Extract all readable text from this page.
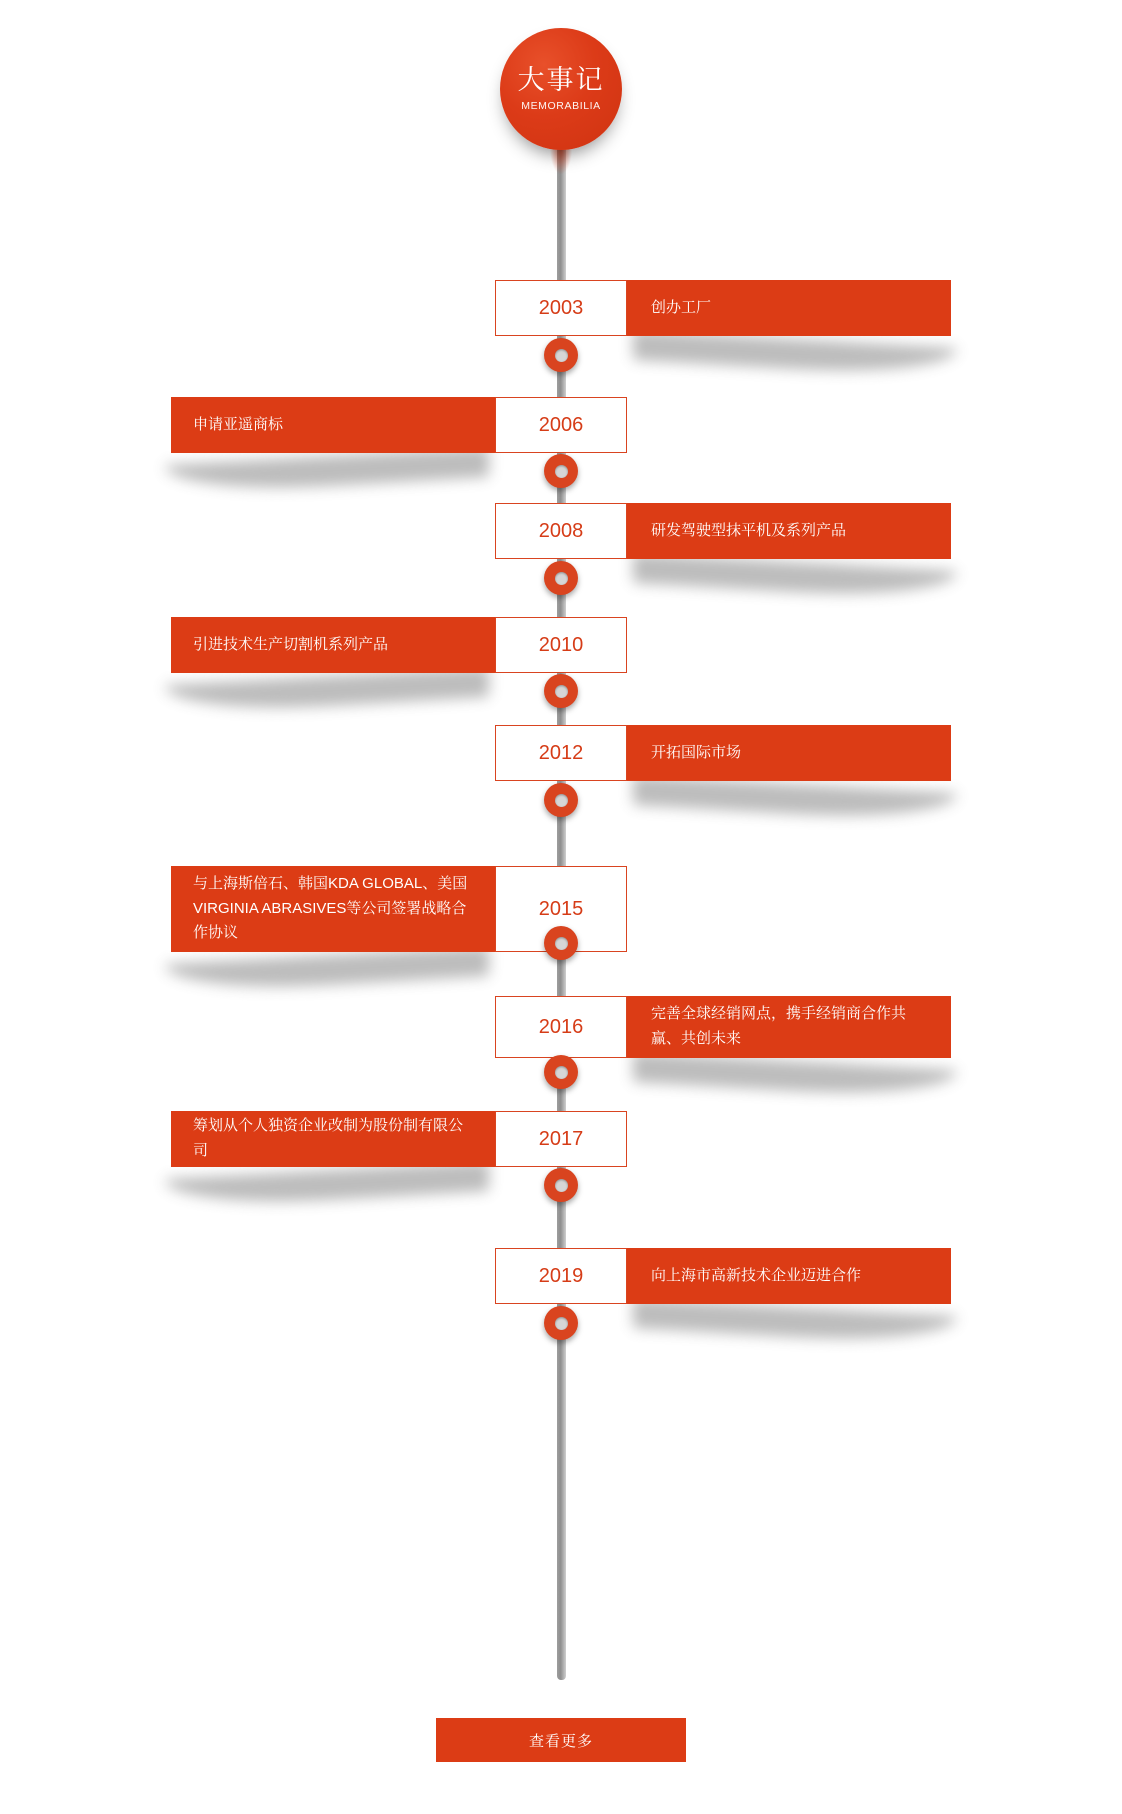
大事记
MEMORABILIA
创办工厂
2003
申请亚遥商标	2006
研发驾驶型抹平机及系列产品
2008
引进技术生产切割机系列产品	2010
开拓国际市场
2012
与上海斯倍石、韩国KDA GLOBAL、美国VIRGINIA ABRASIVES等公司签署战略合作协议
2015
完善全球经销网点，携手经销商合作共赢、共创未来
2016
筹划从个人独资企业改制为股份制有限公司
2017
向上海市高新技术企业迈进合作
2019
查看更多
